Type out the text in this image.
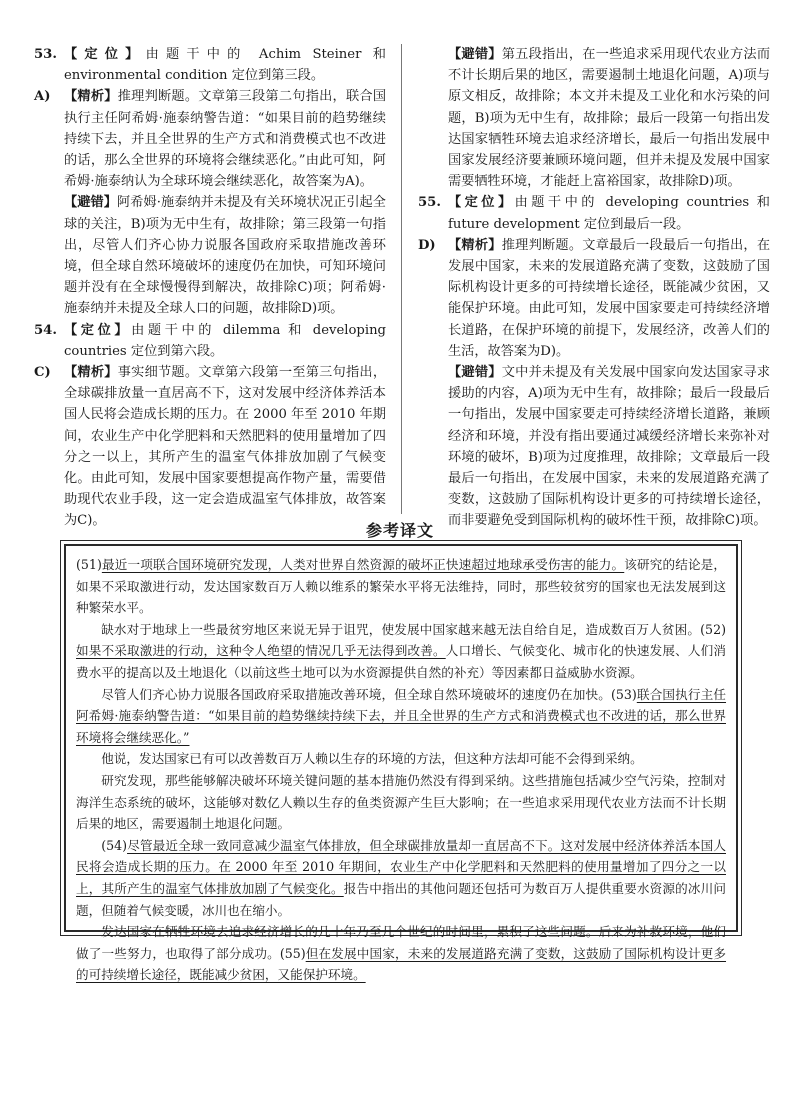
53. 【定位】由题干中的 Achim Steiner 和 environmental condition 定位到第三段。
A)	【精析】推理判断题。文章第三段第二句指出，联合国执行主任阿希姆·施泰纳警告道：“如果目前的趋势继续持续下去，并且全世界的生产方式和消费模式也不改进的话，那么全世界的环境将会继续恶化。”由此可知，阿希姆·施泰纳认为全球环境会继续恶化，故答案为A)。
【避错】阿希姆·施泰纳并未提及有关环境状况正引起全球的关注，B)项为无中生有，故排除；第三段第一句指出，尽管人们齐心协力说服各国政府采取措施改善环境，但全球自然环境破坏的速度仍在加快，可知环境问题并没有在全球慢慢得到解决，故排除C)项；阿希姆·施泰纳并未提及全球人口的问题，故排除D)项。
54. 【定位】由题干中的 dilemma 和 developing countries 定位到第六段。
C)	【精析】事实细节题。文章第六段第一至第三句指出，全球碳排放量一直居高不下，这对发展中经济体养活本国人民将会造成长期的压力。在 2000 年至 2010 年期间，农业生产中化学肥料和天然肥料的使用量增加了四分之一以上，其所产生的温室气体排放加剧了气候变化。由此可知，发展中国家要想提高作物产量，需要借助现代农业手段，这一定会造成温室气体排放，故答案为C)。
【避错】第五段指出，在一些追求采用现代农业方法而不计长期后果的地区，需要遏制土地退化问题，A)项与原文相反，故排除；本文并未提及工业化和水污染的问题，B)项为无中生有，故排除；最后一段第一句指出发达国家牺牲环境去追求经济增长，最后一句指出发展中国家发展经济要兼顾环境问题，但并未提及发展中国家需要牺牲环境，才能赶上富裕国家，故排除D)项。
55. 【定位】由题干中的 developing countries 和 future development 定位到最后一段。
D) 【精析】推理判断题。文章最后一段最后一句指出，在发展中国家，未来的发展道路充满了变数，这鼓励了国际机构设计更多的可持续增长途径，既能减少贫困，又能保护环境。由此可知，发展中国家要走可持续经济增长道路，在保护环境的前提下，发展经济，改善人们的生活，故答案为D)。
【避错】文中并未提及有关发展中国家向发达国家寻求援助的内容，A)项为无中生有，故排除；最后一段最后一句指出，发展中国家要走可持续经济增长道路，兼顾经济和环境，并没有指出要通过减缓经济增长来弥补对环境的破坏，B)项为过度推理，故排除；文章最后一段最后一句指出，在发展中国家，未来的发展道路充满了变数，这鼓励了国际机构设计更多的可持续增长途径，而非要避免受到国际机构的破坏性干预，故排除C)项。
参考译文

(51)最近一项联合国环境研究发现，人类对世界自然资源的破坏正快速超过地球承受伤害的能力。该研究的结论是，如果不采取激进行动，发达国家数百万人赖以维系的繁荣水平将无法维持，同时，那些较贫穷的国家也无法发展到这种繁荣水平。

缺水对于地球上一些最贫穷地区来说无异于诅咒，使发展中国家越来越无法自给自足，造成数百万人贫困。(52)如果不采取激进的行动，这种令人绝望的情况几乎无法得到改善。人口增长、气候变化、城市化的快速发展、人们消费水平的提高以及土地退化（以前这些土地可以为水资源提供自然的补充）等因素都日益威胁水资源。

尽管人们齐心协力说服各国政府采取措施改善环境，但全球自然环境破坏的速度仍在加快。(53)联合国执行主任阿希姆·施泰纳警告道：“如果目前的趋势继续持续下去，并且全世界的生产方式和消费模式也不改进的话，那么世界环境将会继续恶化。”

他说，发达国家已有可以改善数百万人赖以生存的环境的方法，但这种方法却可能不会得到采纳。

研究发现，那些能够解决破坏环境关键问题的基本措施仍然没有得到采纳。这些措施包括减少空气污染，控制对海洋生态系统的破坏，这能够对数亿人赖以生存的鱼类资源产生巨大影响；在一些追求采用现代农业方法而不计长期后果的地区，需要遏制土地退化问题。

(54)尽管最近全球一致同意减少温室气体排放，但全球碳排放量却一直居高不下。这对发展中经济体养活本国人民将会造成长期的压力。在 2000 年至 2010 年期间，农业生产中化学肥料和天然肥料的使用量增加了四分之一以上，其所产生的温室气体排放加剧了气候变化。报告中指出的其他问题还包括可为数百万人提供重要水资源的冰川问题，但随着气候变暖，冰川也在缩小。

发达国家在牺牲环境去追求经济增长的几十年乃至几个世纪的时间里，累积了这些问题。后来为补救环境，他们做了一些努力，也取得了部分成功。(55)但在发展中国家，未来的发展道路充满了变数，这鼓励了国际机构设计更多的可持续增长途径，既能减少贫困，又能保护环境。
